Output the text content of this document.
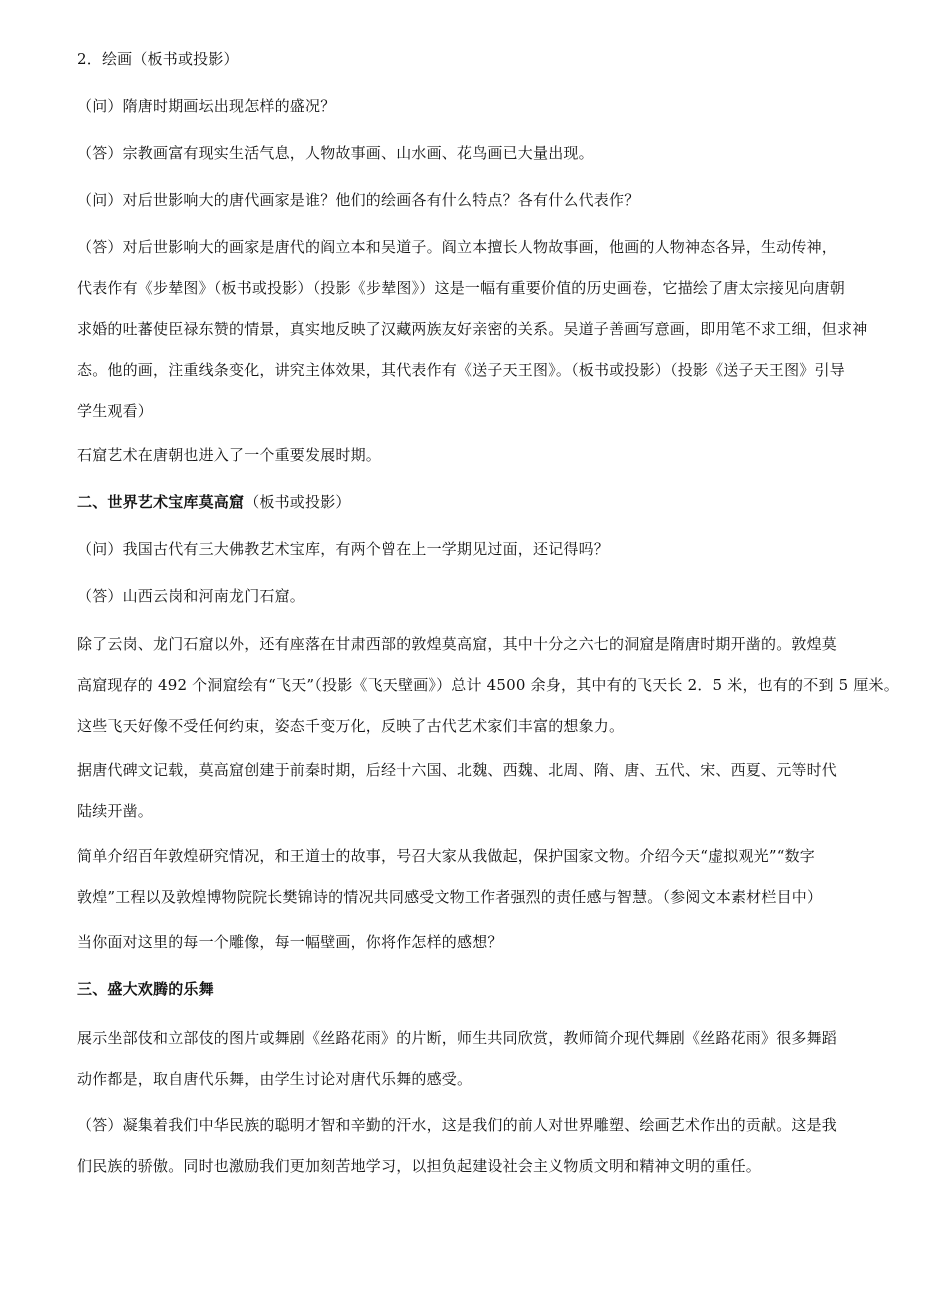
2．绘画（板书或投影）

（问）隋唐时期画坛出现怎样的盛况？

（答）宗教画富有现实生活气息，人物故事画、山水画、花鸟画已大量出现。

（问）对后世影响大的唐代画家是谁？他们的绘画各有什么特点？各有什么代表作？

（答）对后世影响大的画家是唐代的阎立本和吴道子。阎立本擅长人物故事画，他画的人物神态各异，生动传神，
代表作有《步辇图》（板书或投影）（投影《步辇图》）这是一幅有重要价值的历史画卷，它描绘了唐太宗接见向唐朝
求婚的吐蕃使臣禄东赞的情景，真实地反映了汉藏两族友好亲密的关系。吴道子善画写意画，即用笔不求工细，但求神
态。他的画，注重线条变化，讲究主体效果，其代表作有《送子天王图》。（板书或投影）（投影《送子天王图》引导
学生观看）

石窟艺术在唐朝也进入了一个重要发展时期。

二、世界艺术宝库莫高窟（板书或投影）

（问）我国古代有三大佛教艺术宝库，有两个曾在上一学期见过面，还记得吗？

（答）山西云岗和河南龙门石窟。

除了云岗、龙门石窟以外，还有座落在甘肃西部的敦煌莫高窟，其中十分之六七的洞窟是隋唐时期开凿的。敦煌莫
高窟现存的 492 个洞窟绘有“飞天”（投影《飞天壁画》）总计 4500 余身，其中有的飞天长 2．5 米，也有的不到 5 厘米。
这些飞天好像不受任何约束，姿态千变万化，反映了古代艺术家们丰富的想象力。

据唐代碑文记载，莫高窟创建于前秦时期，后经十六国、北魏、西魏、北周、隋、唐、五代、宋、西夏、元等时代
陆续开凿。

简单介绍百年敦煌研究情况，和王道士的故事，号召大家从我做起，保护国家文物。介绍今天“虚拟观光”“数字
敦煌”工程以及敦煌博物院院长樊锦诗的情况共同感受文物工作者强烈的责任感与智慧。（参阅文本素材栏目中）

当你面对这里的每一个雕像，每一幅壁画，你将作怎样的感想？

三、盛大欢腾的乐舞

展示坐部伎和立部伎的图片或舞剧《丝路花雨》的片断，师生共同欣赏，教师简介现代舞剧《丝路花雨》很多舞蹈
动作都是，取自唐代乐舞，由学生讨论对唐代乐舞的感受。

（答）凝集着我们中华民族的聪明才智和辛勤的汗水，这是我们的前人对世界雕塑、绘画艺术作出的贡献。这是我
们民族的骄傲。同时也激励我们更加刻苦地学习，以担负起建设社会主义物质文明和精神文明的重任。
